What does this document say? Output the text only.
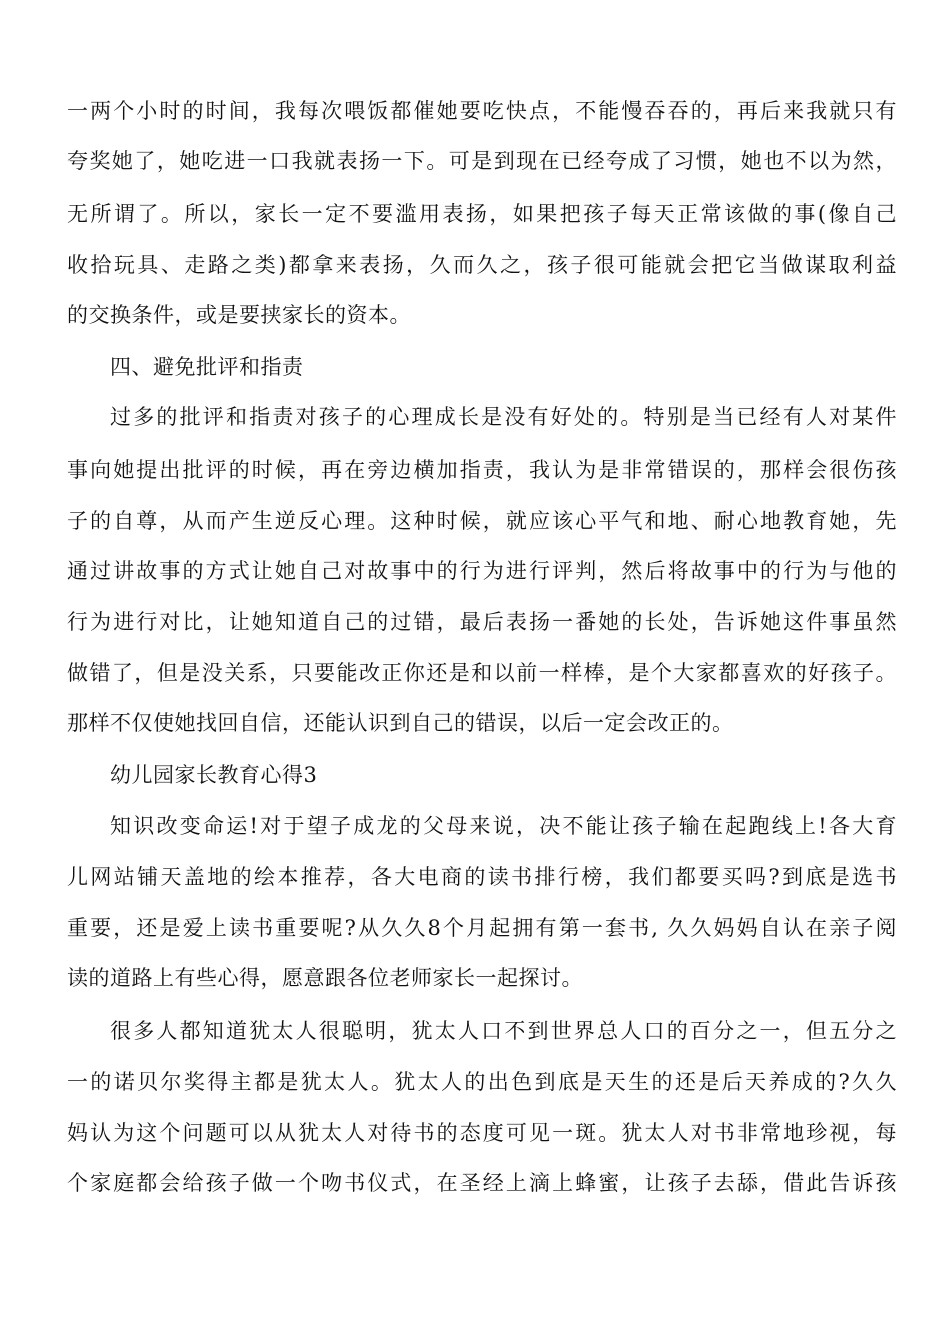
一两个小时的时间，我每次喂饭都催她要吃快点，不能慢吞吞的，再后来我就只有
夸奖她了，她吃进一口我就表扬一下。可是到现在已经夸成了习惯，她也不以为然，
无所谓了。所以，家长一定不要滥用表扬，如果把孩子每天正常该做的事(像自己
收拾玩具、走路之类)都拿来表扬，久而久之，孩子很可能就会把它当做谋取利益
的交换条件，或是要挟家长的资本。
四、避免批评和指责
过多的批评和指责对孩子的心理成长是没有好处的。特别是当已经有人对某件
事向她提出批评的时候，再在旁边横加指责，我认为是非常错误的，那样会很伤孩
子的自尊，从而产生逆反心理。这种时候，就应该心平气和地、耐心地教育她，先
通过讲故事的方式让她自己对故事中的行为进行评判，然后将故事中的行为与他的
行为进行对比，让她知道自己的过错，最后表扬一番她的长处，告诉她这件事虽然
做错了，但是没关系，只要能改正你还是和以前一样棒，是个大家都喜欢的好孩子。
那样不仅使她找回自信，还能认识到自己的错误，以后一定会改正的。
幼儿园家长教育心得3
知识改变命运!对于望子成龙的父母来说，决不能让孩子输在起跑线上!各大育
儿网站铺天盖地的绘本推荐，各大电商的读书排行榜，我们都要买吗?到底是选书
重要，还是爱上读书重要呢?从久久8个月起拥有第一套书, 久久妈妈自认在亲子阅
读的道路上有些心得，愿意跟各位老师家长一起探讨。
很多人都知道犹太人很聪明，犹太人口不到世界总人口的百分之一，但五分之
一的诺贝尔奖得主都是犹太人。犹太人的出色到底是天生的还是后天养成的?久久
妈认为这个问题可以从犹太人对待书的态度可见一斑。犹太人对书非常地珍视，每
个家庭都会给孩子做一个吻书仪式，在圣经上滴上蜂蜜，让孩子去舔，借此告诉孩
